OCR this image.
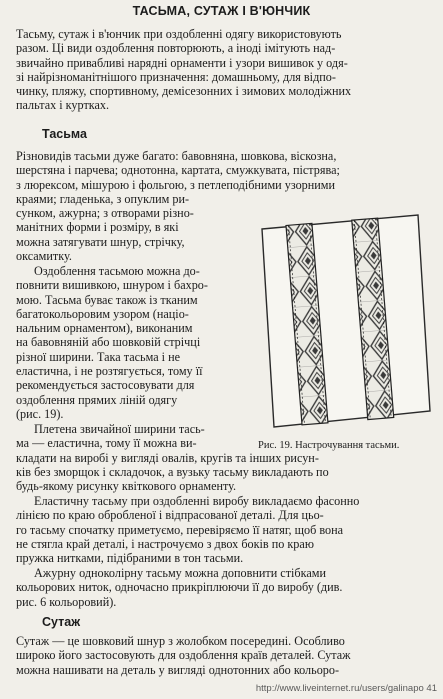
ТАСЬМА, СУТАЖ І В'ЮНЧИК
Тасьму, сутаж і в'юнчик при оздобленні одягу використовують
разом. Ці види оздоблення повторюють, а іноді імітують над-
звичайно привабливі нарядні орнаменти і узори вишивок у одя-
зі найрізноманітнішого призначення: домашньому, для відпо-
чинку, пляжу, спортивному, демісезонних і зимових молодіжних
пальтах і куртках.
Тасьма
Різновидів тасьми дуже багато: бавовняна, шовкова, віскозна,
шерстяна і парчева; однотонна, картата, смужкувата, пістрява;
з люрексом, мішурою і фольгою, з петлеподібними узорними
краями; гладенька, з опуклим ри-
сунком, ажурна; з отворами різно-
манітних форми і розміру, в які
можна затягувати шнур, стрічку,
оксамитку.
Оздоблення тасьмою можна до-
повнити вишивкою, шнуром і бахро-
мою. Тасьма буває також із тканим
багатокольоровим узором (націо-
нальним орнаментом), виконаним
на бавовняній або шовковій стрічці
різної ширини. Така тасьма і не
еластична, і не розтягується, тому її
рекомендується застосовувати для
оздоблення прямих ліній одягу
(рис. 19).
Плетена звичайної ширини тась-
ма — еластична, тому її можна ви-
кладати на виробі у вигляді овалів, кругів та інших рисун-
ків без зморщок і складочок, а вузьку тасьму викладають по
будь-якому рисунку квіткового орнаменту.
Еластичну тасьму при оздобленні виробу викладаємо фасонно
лінією по краю обробленої і відпрасованої деталі. Для цьо-
го тасьму спочатку приметуємо, перевіряємо її натяг, щоб вона
не стягла край деталі, і настрочуємо з двох боків по краю
пружка нитками, підібраними в тон тасьми.
Ажурну одноколірну тасьму можна доповнити стібками
кольорових ниток, одночасно прикріплюючи її до виробу (див.
рис. 6 кольоровий).

Рис. 19. Настрочування тасьми.

Сутаж
Сутаж — це шовковий шнур з жолобком посередині. Особливо
широко його застосовують для оздоблення країв деталей. Сутаж
можна нашивати на деталь у вигляді однотонних або кольоро-
http://www.liveinternet.ru/users/galinapo 41
